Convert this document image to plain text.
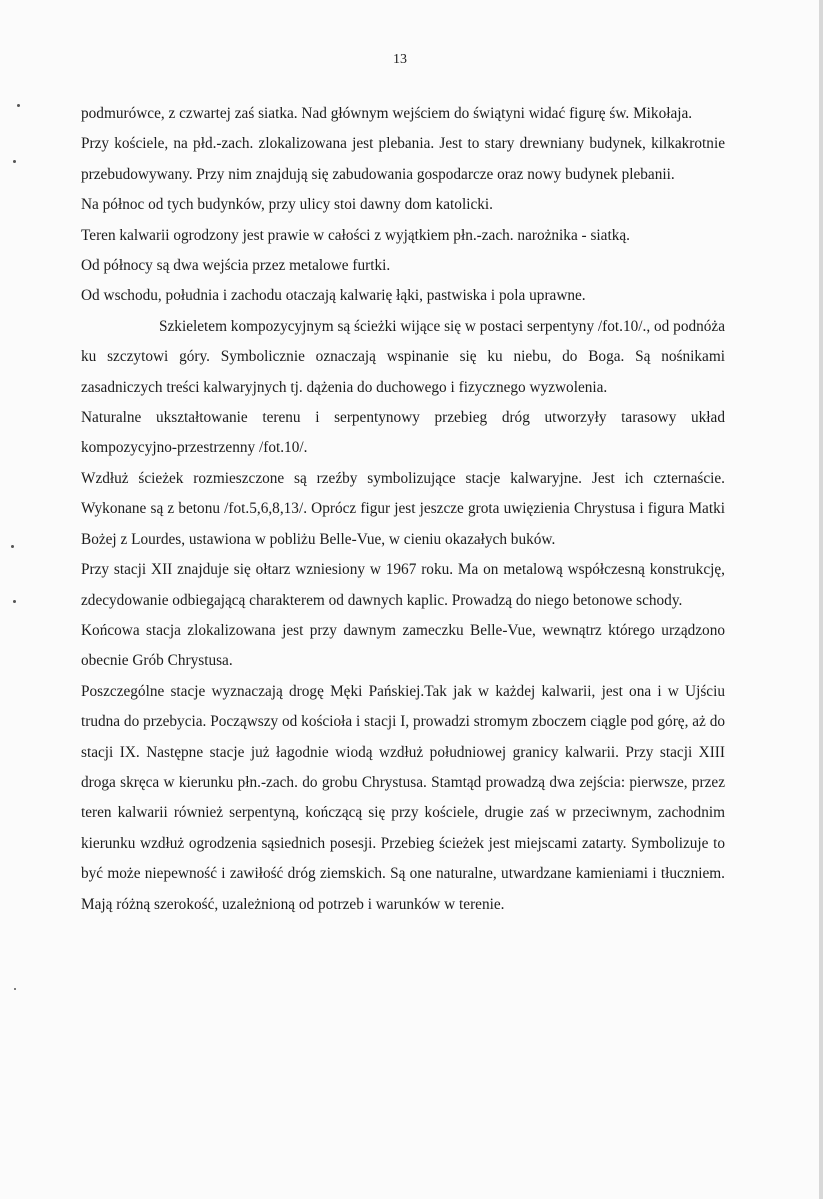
13

podmurówce, z czwartej zaś siatka. Nad głównym wejściem do świątyni widać figurę św. Mikołaja.

Przy kościele, na płd.-zach. zlokalizowana jest plebania. Jest to stary drewniany budynek, kilkakrotnie przebudowywany. Przy nim znajdują się zabudowania gospodarcze oraz nowy budynek plebanii.

Na północ od tych budynków, przy ulicy stoi dawny dom katolicki.

Teren kalwarii ogrodzony jest prawie w całości z wyjątkiem płn.-zach. narożnika - siatką.

Od północy są dwa wejścia przez metalowe furtki.

Od wschodu, południa i zachodu otaczają kalwarię łąki, pastwiska i pola uprawne.

Szkieletem kompozycyjnym są ścieżki wijące się w postaci serpentyny /fot.10/., od podnóża ku szczytowi góry. Symbolicznie oznaczają wspinanie się ku niebu, do Boga. Są nośnikami zasadniczych treści kalwaryjnych tj. dążenia do duchowego i fizycznego wyzwolenia.

Naturalne ukształtowanie terenu i serpentynowy przebieg dróg utworzyły tarasowy układ kompozycyjno-przestrzenny /fot.10/.

Wzdłuż ścieżek rozmieszczone są rzeźby symbolizujące stacje kalwaryjne. Jest ich czternaście. Wykonane są z betonu /fot.5,6,8,13/. Oprócz figur jest jeszcze grota uwięzienia Chrystusa i figura Matki Bożej z Lourdes, ustawiona w pobliżu Belle-Vue, w cieniu okazałych buków.

Przy stacji XII znajduje się ołtarz wzniesiony w 1967 roku. Ma on metalową współczesną konstrukcję, zdecydowanie odbiegającą charakterem od dawnych kaplic. Prowadzą do niego betonowe schody.

Końcowa stacja zlokalizowana jest przy dawnym zameczku Belle-Vue, wewnątrz którego urządzono obecnie Grób Chrystusa.

Poszczególne stacje wyznaczają drogę Męki Pańskiej.Tak jak w każdej kalwarii, jest ona i w Ujściu trudna do przebycia. Począwszy od kościoła i stacji I, prowadzi stromym zboczem ciągle pod górę, aż do stacji IX. Następne stacje już łagodnie wiodą wzdłuż południowej granicy kalwarii. Przy stacji XIII droga skręca w kierunku płn.-zach. do grobu Chrystusa. Stamtąd prowadzą dwa zejścia: pierwsze, przez teren kalwarii również serpentyną, kończącą się przy kościele, drugie zaś w przeciwnym, zachodnim kierunku wzdłuż ogrodzenia sąsiednich posesji. Przebieg ścieżek jest miejscami zatarty. Symbolizuje to być może niepewność i zawiłość dróg ziemskich. Są one naturalne, utwardzane kamieniami i tłuczniem. Mają różną szerokość, uzależnioną od potrzeb i warunków w terenie.
